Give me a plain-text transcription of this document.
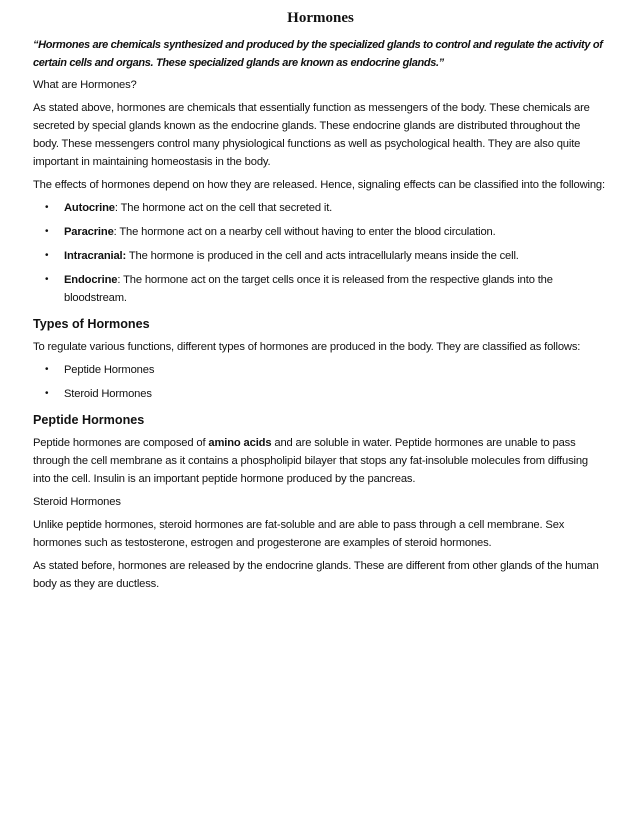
Hormones

“Hormones are chemicals synthesized and produced by the specialized glands to control and regulate the activity of certain cells and organs. These specialized glands are known as endocrine glands.”

What are Hormones?

As stated above, hormones are chemicals that essentially function as messengers of the body. These chemicals are secreted by special glands known as the endocrine glands. These endocrine glands are distributed throughout the body. These messengers control many physiological functions as well as psychological health. They are also quite important in maintaining homeostasis in the body.

The effects of hormones depend on how they are released. Hence, signaling effects can be classified into the following:

• Autocrine: The hormone act on the cell that secreted it.
• Paracrine: The hormone act on a nearby cell without having to enter the blood circulation.
• Intracranial: The hormone is produced in the cell and acts intracellularly means inside the cell.
• Endocrine: The hormone act on the target cells once it is released from the respective glands into the bloodstream.
Types of Hormones

To regulate various functions, different types of hormones are produced in the body. They are classified as follows:

• Peptide Hormones
• Steroid Hormones
Peptide Hormones

Peptide hormones are composed of amino acids and are soluble in water. Peptide hormones are unable to pass through the cell membrane as it contains a phospholipid bilayer that stops any fat-insoluble molecules from diffusing into the cell. Insulin is an important peptide hormone produced by the pancreas.

Steroid Hormones

Unlike peptide hormones, steroid hormones are fat-soluble and are able to pass through a cell membrane. Sex hormones such as testosterone, estrogen and progesterone are examples of steroid hormones.

As stated before, hormones are released by the endocrine glands. These are different from other glands of the human body as they are ductless.
